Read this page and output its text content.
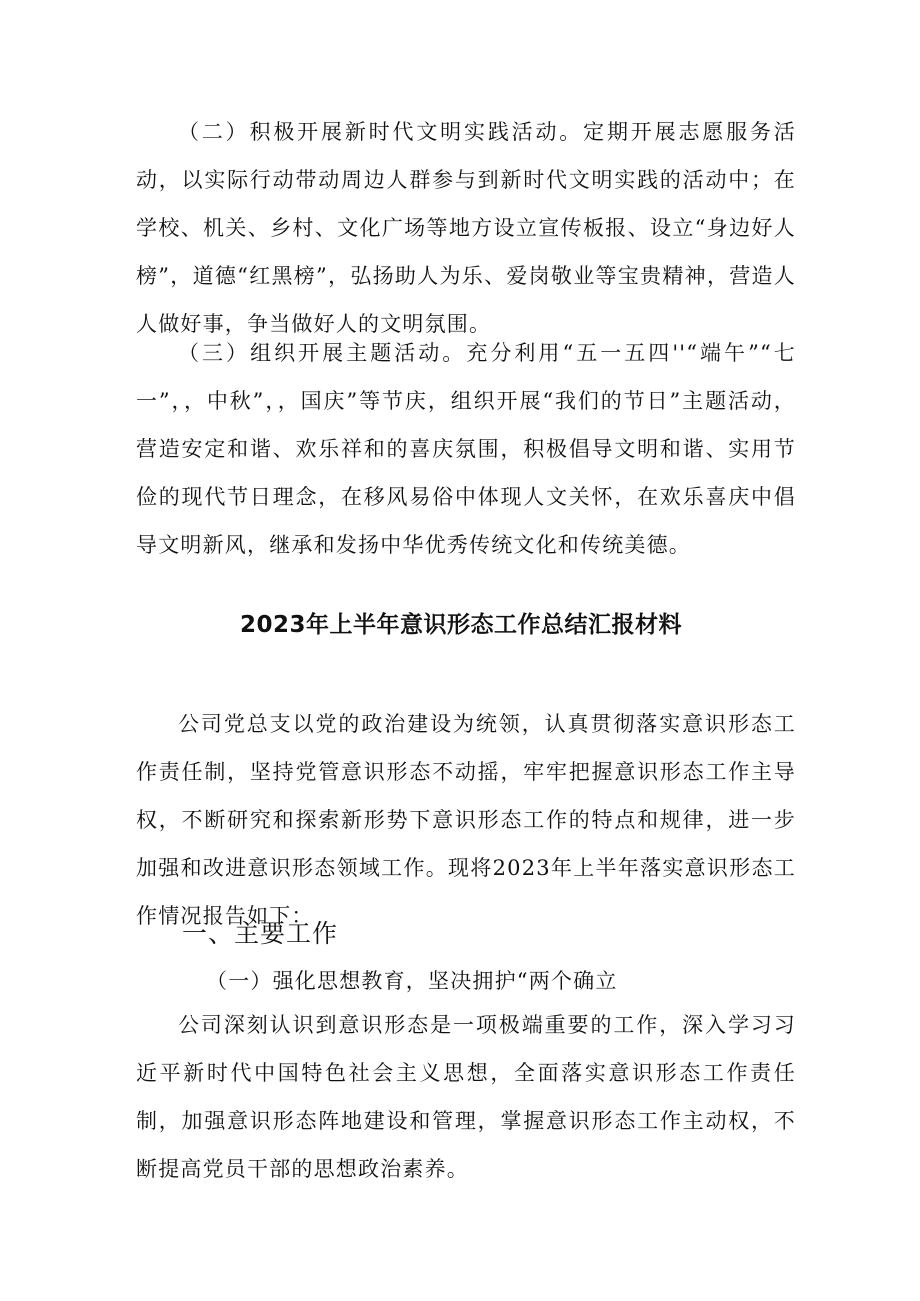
（二）积极开展新时代文明实践活动。定期开展志愿服务活动，以实际行动带动周边人群参与到新时代文明实践的活动中；在学校、机关、乡村、文化广场等地方设立宣传板报、设立“身边好人榜”，道德“红黑榜”，弘扬助人为乐、爱岗敬业等宝贵精神，营造人人做好事，争当做好人的文明氛围。

（三）组织开展主题活动。充分利用“五一五四''“端午”“七一”，，中秋”，，国庆”等节庆，组织开展“我们的节日”主题活动，营造安定和谐、欢乐祥和的喜庆氛围，积极倡导文明和谐、实用节俭的现代节日理念，在移风易俗中体现人文关怀，在欢乐喜庆中倡导文明新风，继承和发扬中华优秀传统文化和传统美德。

2023年上半年意识形态工作总结汇报材料

公司党总支以党的政治建设为统领，认真贯彻落实意识形态工作责任制，坚持党管意识形态不动摇，牢牢把握意识形态工作主导权，不断研究和探索新形势下意识形态工作的特点和规律，进一步加强和改进意识形态领域工作。现将2023年上半年落实意识形态工作情况报告如下：

一、主要工作

（一）强化思想教育，坚决拥护“两个确立

公司深刻认识到意识形态是一项极端重要的工作，深入学习习近平新时代中国特色社会主义思想，全面落实意识形态工作责任制，加强意识形态阵地建设和管理，掌握意识形态工作主动权，不断提高党员干部的思想政治素养。
